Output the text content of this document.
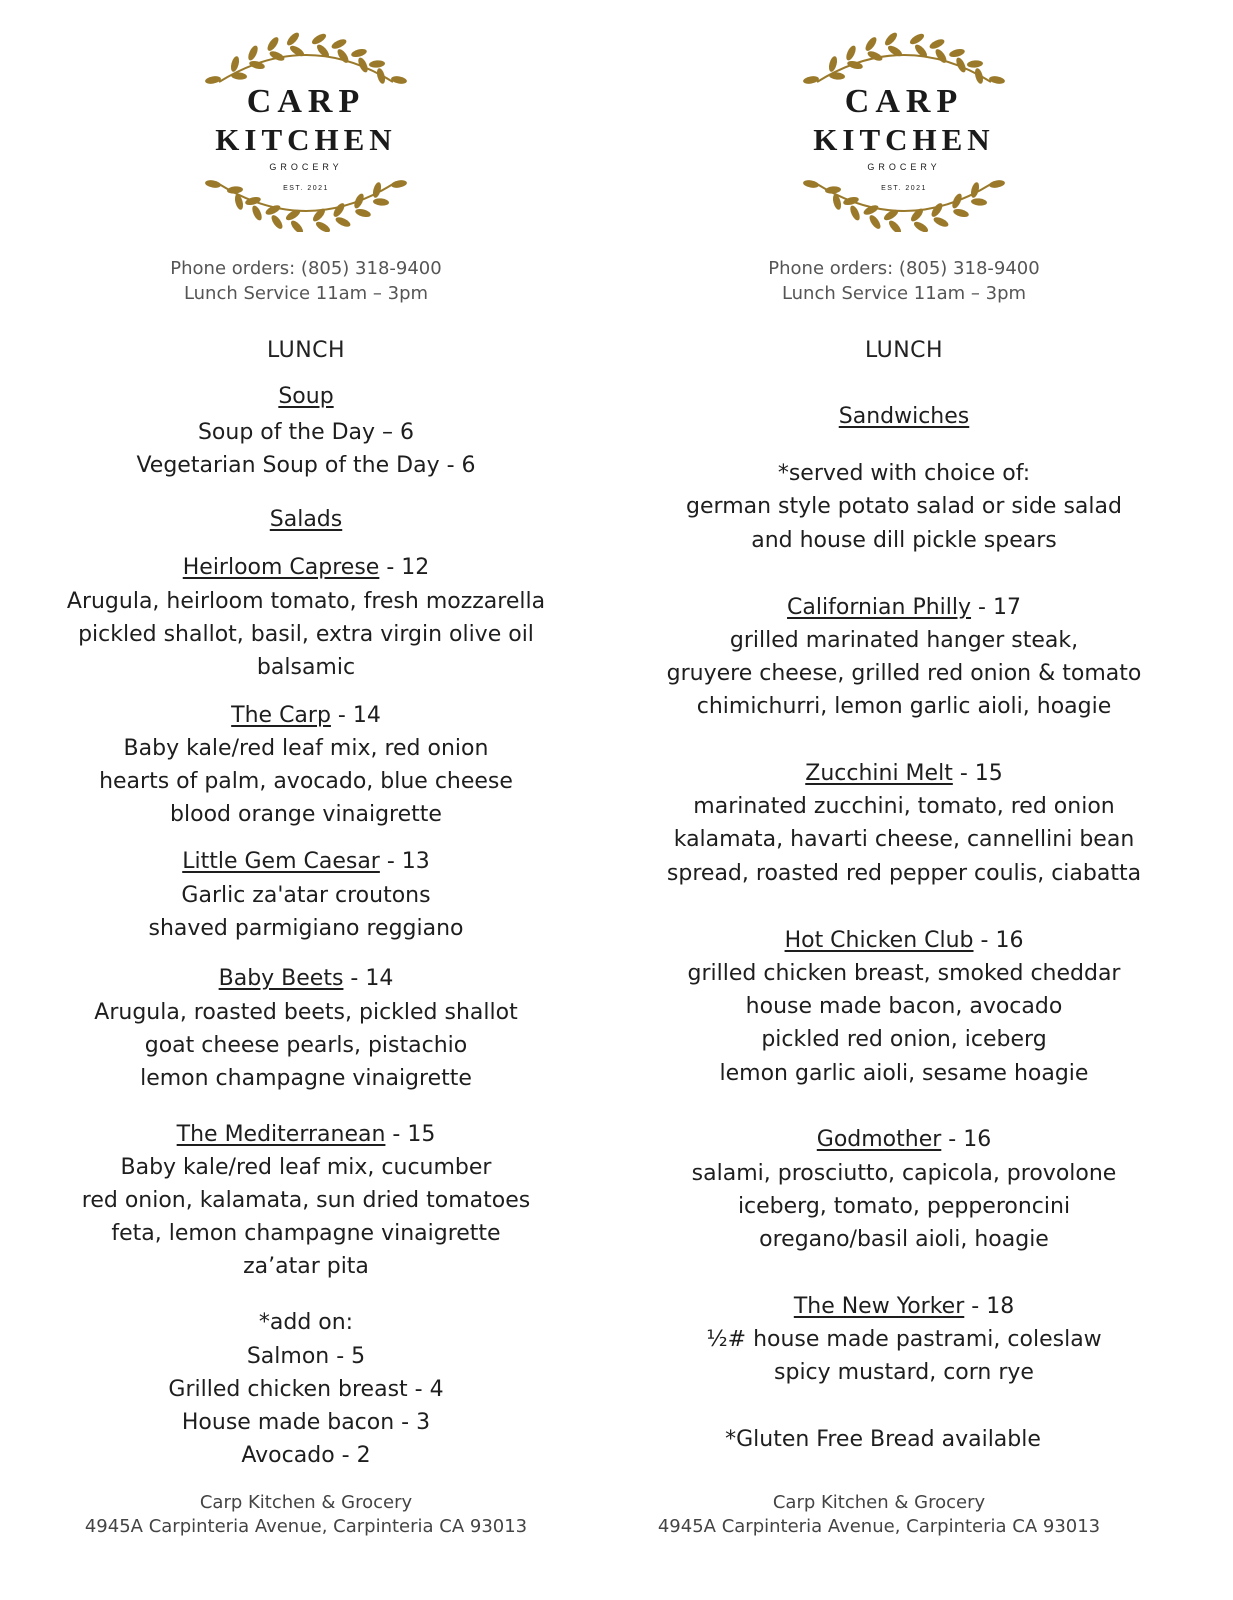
CARP
KITCHEN
GROCERY
EST. 2021
Phone orders: (805) 318-9400
Lunch Service 11am – 3pm
LUNCH
Soup
Soup of the Day – 6
Vegetarian Soup of the Day - 6
Salads
Heirloom Caprese - 12
Arugula, heirloom tomato, fresh mozzarella
pickled shallot, basil, extra virgin olive oil
balsamic
The Carp - 14
Baby kale/red leaf mix, red onion
hearts of palm, avocado, blue cheese
blood orange vinaigrette
Little Gem Caesar - 13
Garlic za'atar croutons
shaved parmigiano reggiano
Baby Beets - 14
Arugula, roasted beets, pickled shallot
goat cheese pearls, pistachio
lemon champagne vinaigrette
The Mediterranean - 15
Baby kale/red leaf mix, cucumber
red onion, kalamata, sun dried tomatoes
feta, lemon champagne vinaigrette
za’atar pita
*add on:
Salmon - 5
Grilled chicken breast - 4
House made bacon - 3
Avocado - 2
Carp Kitchen & Grocery
4945A Carpinteria Avenue, Carpinteria CA 93013
CARP
KITCHEN
GROCERY
EST. 2021
Phone orders: (805) 318-9400
Lunch Service 11am – 3pm
LUNCH
Sandwiches
*served with choice of:
german style potato salad or side salad
and house dill pickle spears
Californian Philly - 17
grilled marinated hanger steak,
gruyere cheese, grilled red onion & tomato
chimichurri, lemon garlic aioli, hoagie
Zucchini Melt - 15
marinated zucchini, tomato, red onion
kalamata, havarti cheese, cannellini bean
spread, roasted red pepper coulis, ciabatta
Hot Chicken Club - 16
grilled chicken breast, smoked cheddar
house made bacon, avocado
pickled red onion, iceberg
lemon garlic aioli, sesame hoagie
Godmother - 16
salami, prosciutto, capicola, provolone
iceberg, tomato, pepperoncini
oregano/basil aioli, hoagie
The New Yorker - 18
½# house made pastrami, coleslaw
spicy mustard, corn rye
*Gluten Free Bread available
Carp Kitchen & Grocery
4945A Carpinteria Avenue, Carpinteria CA 93013
